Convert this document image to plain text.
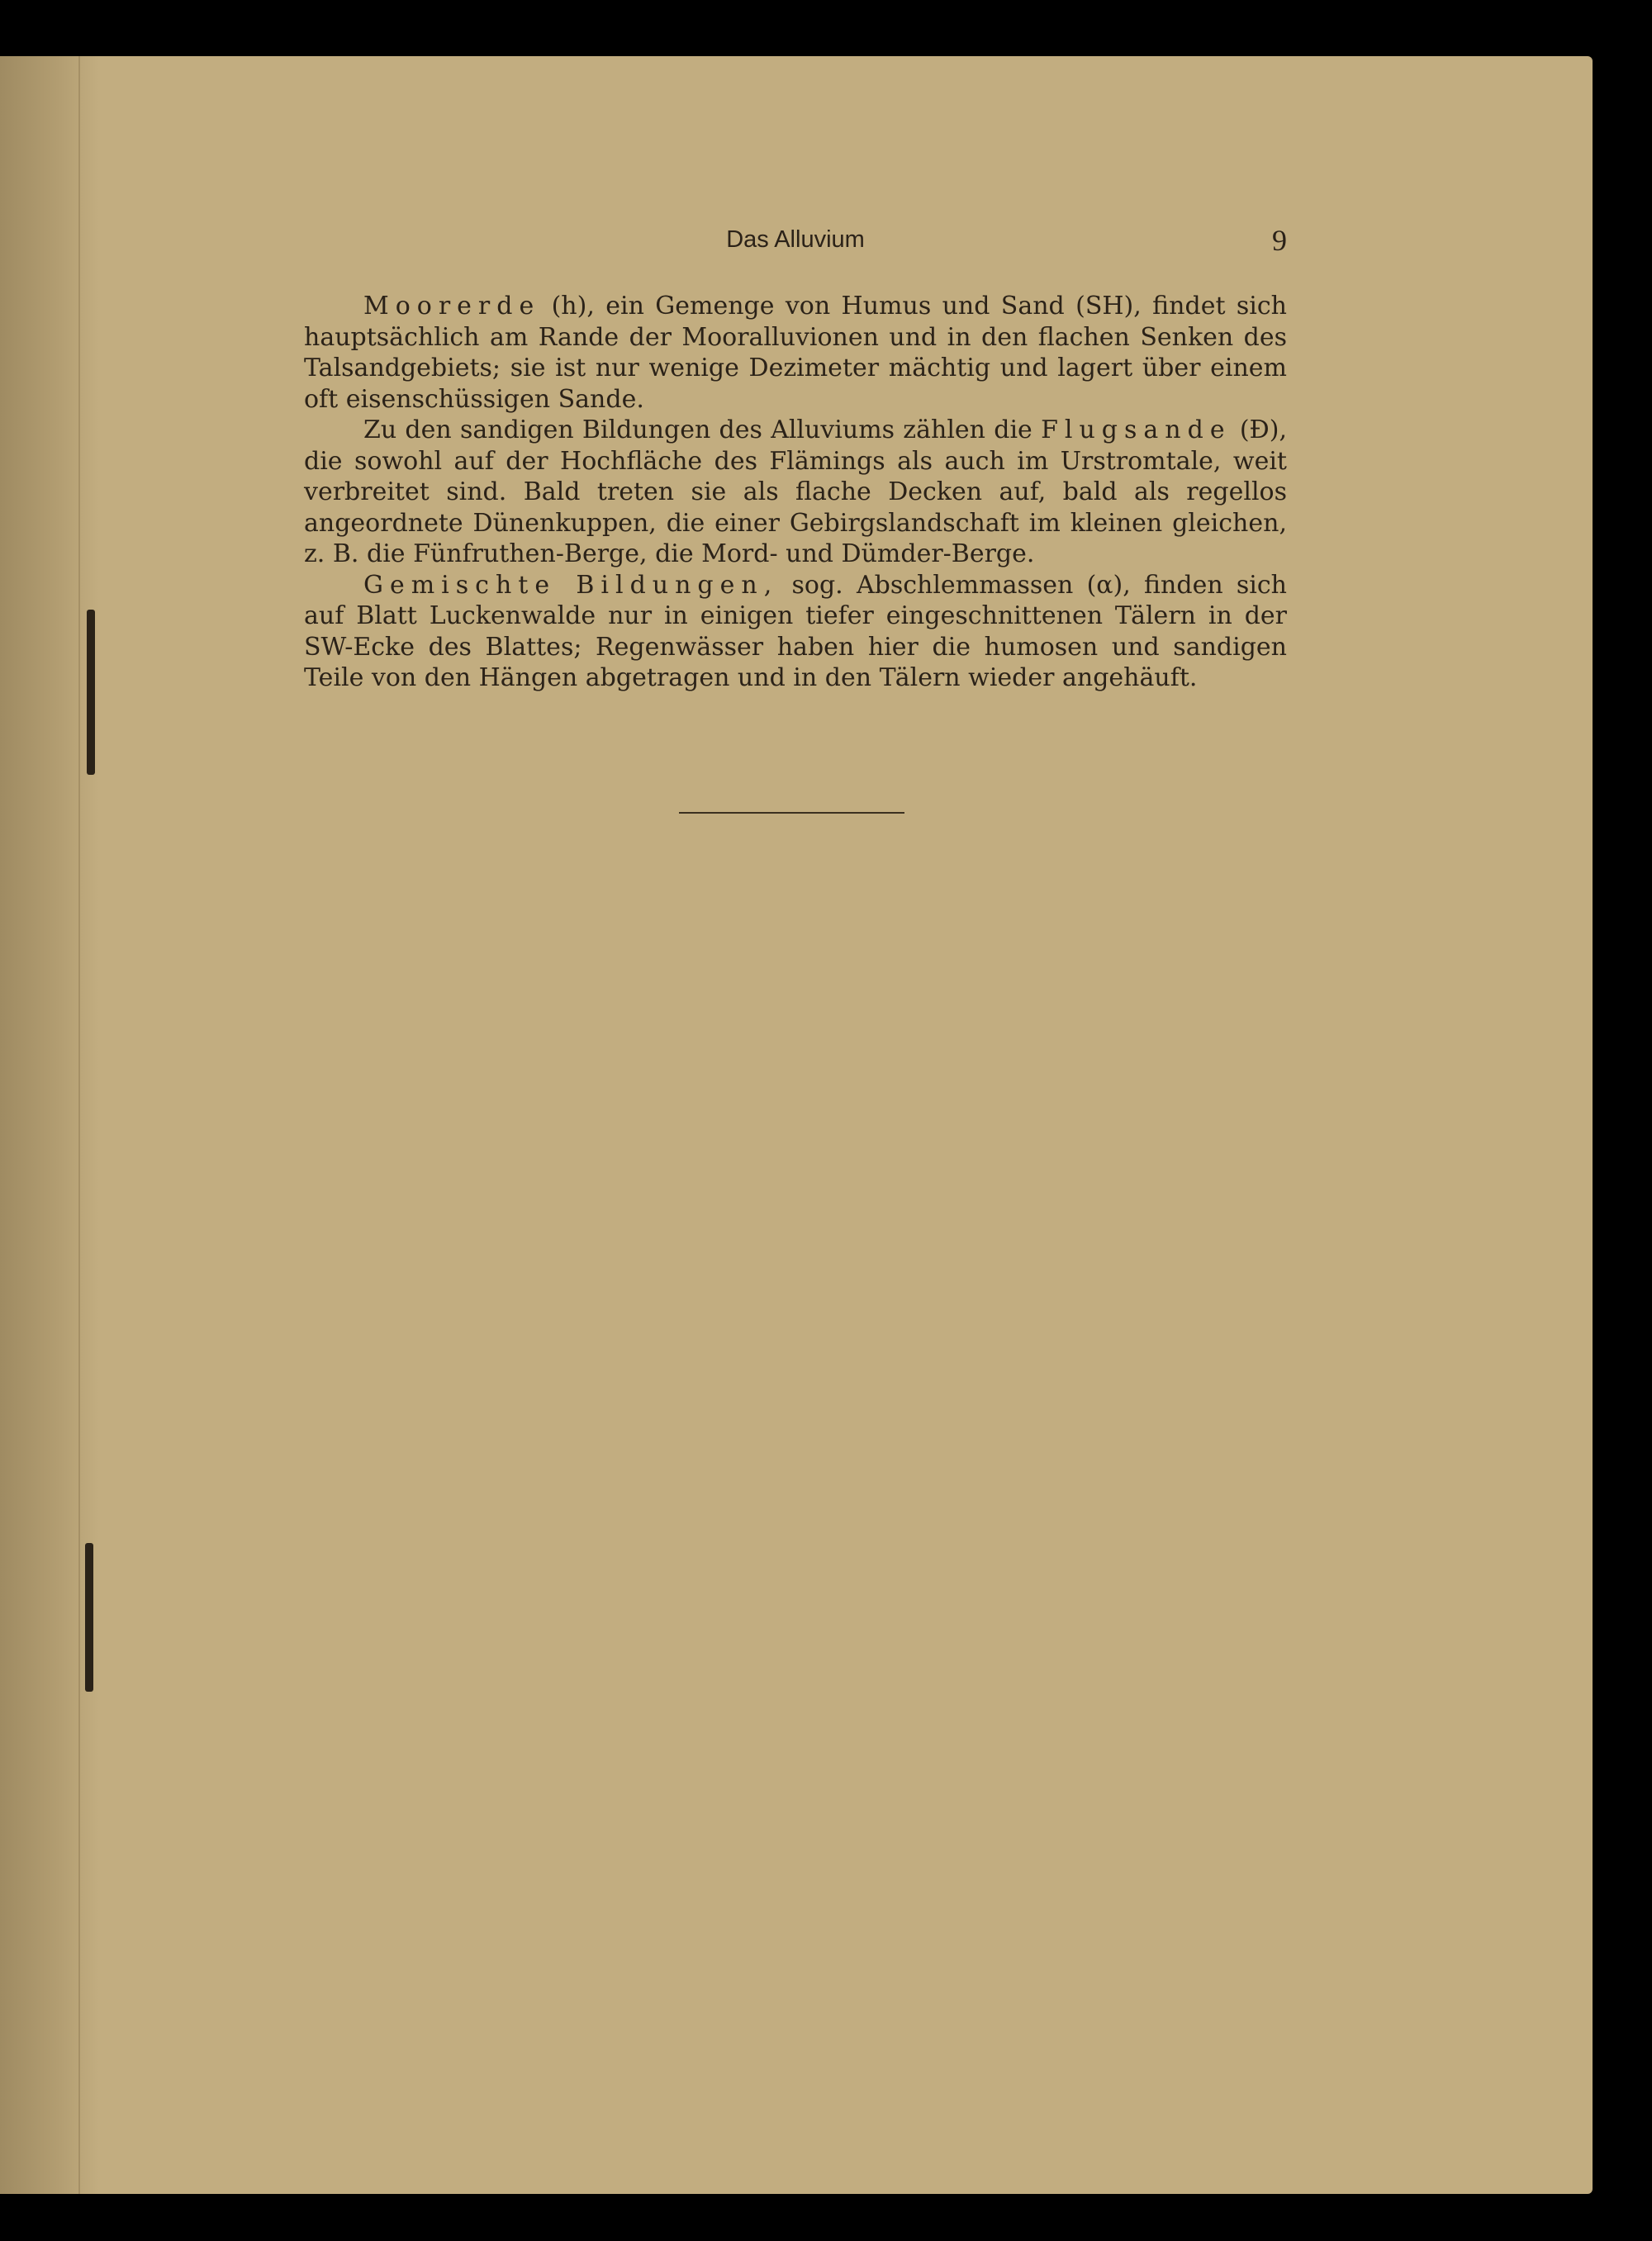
Das Alluvium	9

Moorerde (h), ein Gemenge von Humus und Sand (SH), findet sich hauptsächlich am Rande der Mooralluvionen und in den flachen Senken des Talsandgebiets; sie ist nur wenige Dezimeter mächtig und lagert über einem oft eisenschüssigen Sande.

Zu den sandigen Bildungen des Alluviums zählen die Flugsande (Ð), die sowohl auf der Hochfläche des Flämings als auch im Urstromtale, weit verbreitet sind. Bald treten sie als flache Decken auf, bald als regellos angeordnete Dünenkuppen, die einer Gebirgslandschaft im kleinen gleichen, z. B. die Fünfruthen-Berge, die Mord- und Dümder-Berge.

Gemischte Bildungen, sog. Abschlemmassen (α), finden sich auf Blatt Luckenwalde nur in einigen tiefer eingeschnittenen Tälern in der SW-Ecke des Blattes; Regenwässer haben hier die humosen und sandigen Teile von den Hängen abgetragen und in den Tälern wieder angehäuft.
